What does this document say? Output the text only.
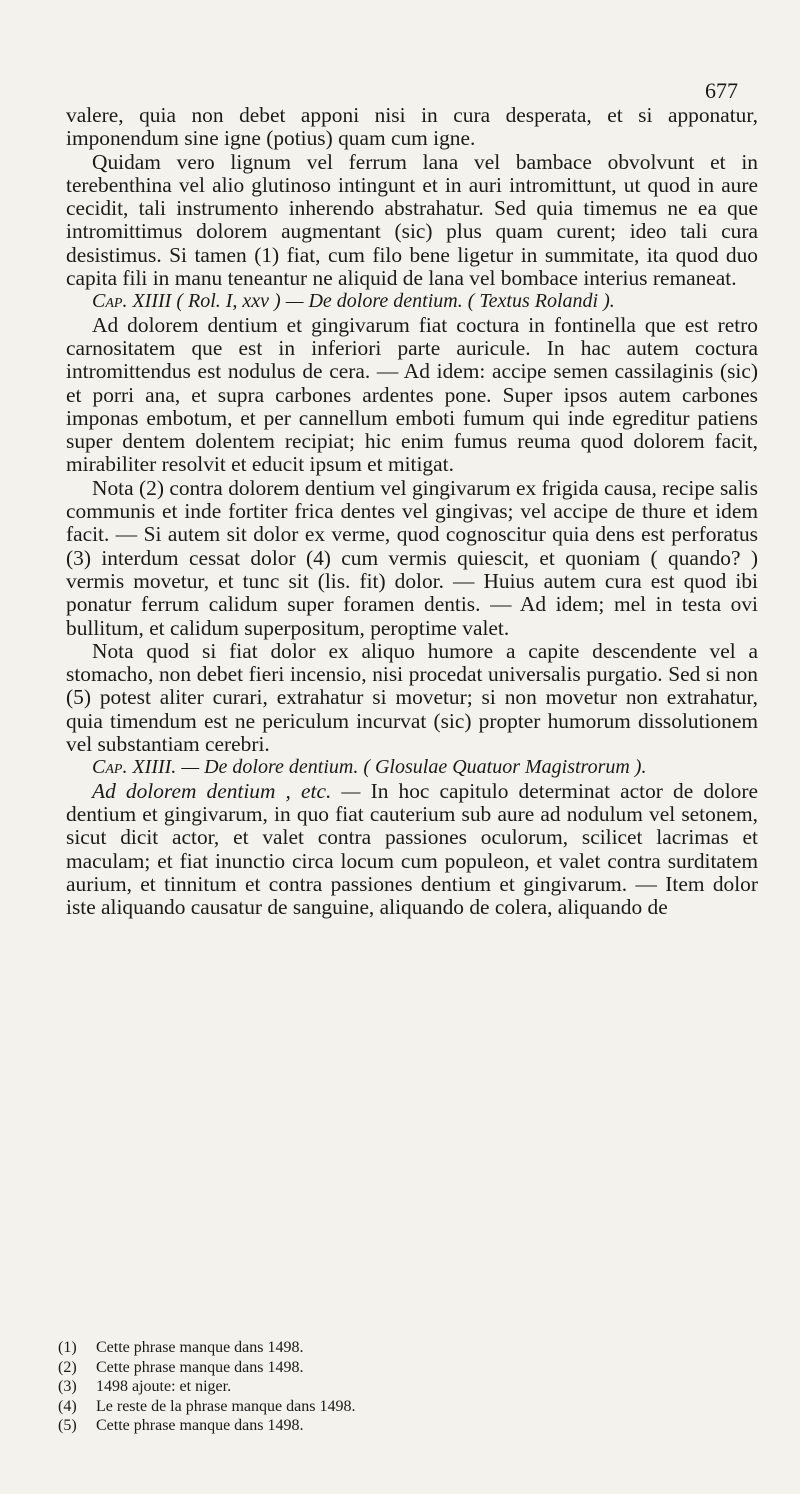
677

valere, quia non debet apponi nisi in cura desperata, et si apponatur, imponendum sine igne (potius) quam cum igne.

Quidam vero lignum vel ferrum lana vel bambace obvolvunt et in terebenthina vel alio glutinoso intingunt et in auri intromittunt, ut quod in aure cecidit, tali instrumento inherendo abstrahatur. Sed quia timemus ne ea que intromittimus dolorem augmentant (sic) plus quam curent; ideo tali cura desistimus. Si tamen (1) fiat, cum filo bene ligetur in summitate, ita quod duo capita fili in manu teneantur ne aliquid de lana vel bombace interius remaneat.

Cap. XIIII ( Rol. I, xxv ) — De dolore dentium. ( Textus Rolandi ).

Ad dolorem dentium et gingivarum fiat coctura in fontinella que est retro carnositatem que est in inferiori parte auricule. In hac autem coctura intromittendus est nodulus de cera. — Ad idem: accipe semen cassilaginis (sic) et porri ana, et supra carbones ardentes pone. Super ipsos autem carbones imponas embotum, et per cannellum emboti fumum qui inde egreditur patiens super dentem dolentem recipiat; hic enim fumus reuma quod dolorem facit, mirabiliter resolvit et educit ipsum et mitigat.

Nota (2) contra dolorem dentium vel gingivarum ex frigida causa, recipe salis communis et inde fortiter frica dentes vel gingivas; vel accipe de thure et idem facit. — Si autem sit dolor ex verme, quod cognoscitur quia dens est perforatus (3) interdum cessat dolor (4) cum vermis quiescit, et quoniam ( quando? ) vermis movetur, et tunc sit (lis. fit) dolor. — Huius autem cura est quod ibi ponatur ferrum calidum super foramen dentis. — Ad idem; mel in testa ovi bullitum, et calidum superpositum, peroptime valet.

Nota quod si fiat dolor ex aliquo humore a capite descendente vel a stomacho, non debet fieri incensio, nisi procedat universalis purgatio. Sed si non (5) potest aliter curari, extrahatur si movetur; si non movetur non extrahatur, quia timendum est ne periculum incurvat (sic) propter humorum dissolutionem vel substantiam cerebri.

Cap. XIIII. — De dolore dentium. ( Glosulae Quatuor Magistrorum ).

Ad dolorem dentium , etc. — In hoc capitulo determinat actor de dolore dentium et gingivarum, in quo fiat cauterium sub aure ad nodulum vel setonem, sicut dicit actor, et valet contra passiones oculorum, scilicet lacrimas et maculam; et fiat inunctio circa locum cum populeon, et valet contra surditatem aurium, et tinnitum et contra passiones dentium et gingivarum. — Item dolor iste aliquando causatur de sanguine, aliquando de colera, aliquando de

(1) Cette phrase manque dans 1498.
(2) Cette phrase manque dans 1498.
(3) 1498 ajoute: et niger.
(4) Le reste de la phrase manque dans 1498.
(5) Cette phrase manque dans 1498.
